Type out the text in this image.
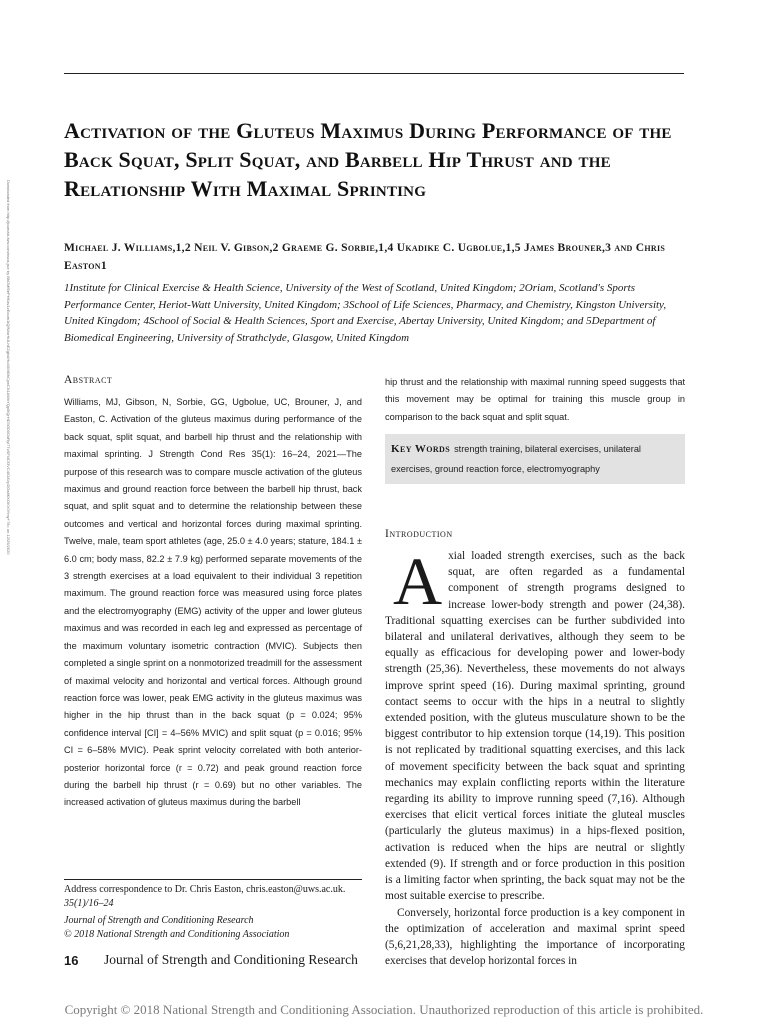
Activation of the Gluteus Maximus During Performance of the Back Squat, Split Squat, and Barbell Hip Thrust and the Relationship With Maximal Sprinting
Michael J. Williams,1,2 Neil V. Gibson,2 Graeme G. Sorbie,1,4 Ukadike C. Ugbolue,1,5 James Brouner,3 and Chris Easton1
1Institute for Clinical Exercise & Health Science, University of the West of Scotland, United Kingdom; 2Oriam, Scotland's Sports Performance Center, Heriot-Watt University, United Kingdom; 3School of Life Sciences, Pharmacy, and Chemistry, Kingston University, United Kingdom; 4School of Social & Health Sciences, Sport and Exercise, Abertay University, United Kingdom; and 5Department of Biomedical Engineering, University of Strathclyde, Glasgow, United Kingdom
Downloaded from http://journals.lww.com/nsca-jscr by BhDMf5ePHKav1zEoum1tQfN4a+kJLhEZgbsIHo4XMi0hCywCX1AWnYQp/IlQrHD3i3D0OdRyi7TvSFl4Cf3VC4/OAVpDDa8KKGKV0Ymy+78= on 12/29/2020	Abstract
Williams, MJ, Gibson, N, Sorbie, GG, Ugbolue, UC, Brouner, J, and Easton, C. Activation of the gluteus maximus during performance of the back squat, split squat, and barbell hip thrust and the relationship with maximal sprinting. J Strength Cond Res 35(1): 16–24, 2021—The purpose of this research was to compare muscle activation of the gluteus maximus and ground reaction force between the barbell hip thrust, back squat, and split squat and to determine the relationship between these outcomes and vertical and horizontal forces during maximal sprinting. Twelve, male, team sport athletes (age, 25.0 ± 4.0 years; stature, 184.1 ± 6.0 cm; body mass, 82.2 ± 7.9 kg) performed separate movements of the 3 strength exercises at a load equivalent to their individual 3 repetition maximum. The ground reaction force was measured using force plates and the electromyography (EMG) activity of the upper and lower gluteus maximus and was recorded in each leg and expressed as percentage of the maximum voluntary isometric contraction (MVIC). Subjects then completed a single sprint on a nonmotorized treadmill for the assessment of maximal velocity and horizontal and vertical forces. Although ground reaction force was lower, peak EMG activity in the gluteus maximus was higher in the hip thrust than in the back squat (p = 0.024; 95% confidence interval [CI] = 4–56% MVIC) and split squat (p = 0.016; 95% CI = 6–58% MVIC). Peak sprint velocity correlated with both anterior-posterior horizontal force (r = 0.72) and peak ground reaction force during the barbell hip thrust (r = 0.69) but no other variables. The increased activation of gluteus maximus during the barbell
hip thrust and the relationship with maximal running speed suggests that this movement may be optimal for training this muscle group in comparison to the back squat and split squat.
Key Words strength training, bilateral exercises, unilateral exercises, ground reaction force, electromyography
Introduction
A xial loaded strength exercises, such as the back squat, are often regarded as a fundamental component of strength programs designed to increase lower-body strength and power (24,38). Traditional squatting exercises can be further subdivided into bilateral and unilateral derivatives, although they seem to be equally as efficacious for developing power and lower-body strength (25,36). Nevertheless, these movements do not always improve sprint speed (16). During maximal sprinting, ground contact seems to occur with the hips in a neutral to slightly extended position, with the gluteus musculature shown to be the biggest contributor to hip extension torque (14,19). This position is not replicated by traditional squatting exercises, and this lack of movement specificity between the back squat and sprinting mechanics may explain conflicting reports within the literature regarding its ability to improve running speed (7,16). Although exercises that elicit vertical forces initiate the gluteal muscles (particularly the gluteus maximus) in a hips-flexed position, activation is reduced when the hips are neutral or slightly extended (9). If strength and or force production in this position is a limiting factor when sprinting, the back squat may not be the most suitable exercise to prescribe.
Conversely, horizontal force production is a key component in the optimization of acceleration and maximal sprint speed (5,6,21,28,33), highlighting the importance of incorporating exercises that develop horizontal forces in
Address correspondence to Dr. Chris Easton, chris.easton@uws.ac.uk.
35(1)/16–24
Journal of Strength and Conditioning Research
© 2018 National Strength and Conditioning Association
16 Journal of Strength and Conditioning Research
Copyright © 2018 National Strength and Conditioning Association. Unauthorized reproduction of this article is prohibited.
